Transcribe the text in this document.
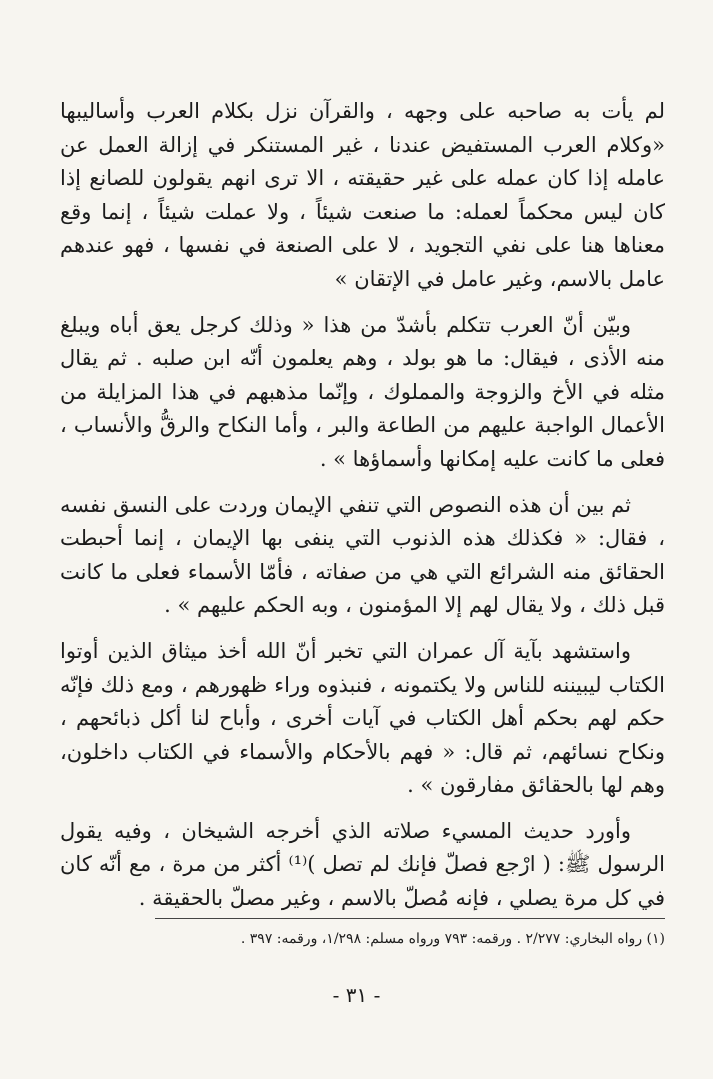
لم يأت به صاحبه على وجهه ، والقرآن نزل بكلام العرب وأساليبها «وكلام العرب المستفيض عندنا ، غير المستنكر في إزالة العمل عن عامله إذا كان عمله على غير حقيقته ، الا ترى انهم يقولون للصانع إذا كان ليس محكماً لعمله: ما صنعت شيئاً ، ولا عملت شيئاً ، إنما وقع معناها هنا على نفي التجويد ، لا على الصنعة في نفسها ، فهو عندهم عامل بالاسم، وغير عامل في الإتقان »

وبيّن أنّ العرب تتكلم بأشدّ من هذا « وذلك كرجل يعق أباه ويبلغ منه الأذى ، فيقال: ما هو بولد ، وهم يعلمون أنّه ابن صلبه . ثم يقال مثله في الأخ والزوجة والمملوك ، وإنّما مذهبهم في هذا المزايلة من الأعمال الواجبة عليهم من الطاعة والبر ، وأما النكاح والرقُّ والأنساب ، فعلى ما كانت عليه إمكانها وأسماؤها » .

ثم بين أن هذه النصوص التي تنفي الإيمان وردت على النسق نفسه ، فقال: « فكذلك هذه الذنوب التي ينفى بها الإيمان ، إنما أحبطت الحقائق منه الشرائع التي هي من صفاته ، فأمّا الأسماء فعلى ما كانت قبل ذلك ، ولا يقال لهم إلا المؤمنون ، وبه الحكم عليهم » .

واستشهد بآية آل عمران التي تخبر أنّ الله أخذ ميثاق الذين أوتوا الكتاب ليبيننه للناس ولا يكتمونه ، فنبذوه وراء ظهورهم ، ومع ذلك فإنّه حكم لهم بحكم أهل الكتاب في آيات أخرى ، وأباح لنا أكل ذبائحهم ، ونكاح نسائهم، ثم قال: « فهم بالأحكام والأسماء في الكتاب داخلون، وهم لها بالحقائق مفارقون » .

وأورد حديث المسيء صلاته الذي أخرجه الشيخان ، وفيه يقول الرسول ﷺ: ( ارْجع فصلّ فإنك لم تصل )⁽¹⁾ أكثر من مرة ، مع أنّه كان في كل مرة يصلي ، فإنه مُصلّ بالاسم ، وغير مصلّ بالحقيقة .

(١) رواه البخاري: ٢/٢٧٧ . ورقمه: ٧٩٣ ورواه مسلم: ١/٢٩٨، ورقمه: ٣٩٧ .
- ٣١ -
